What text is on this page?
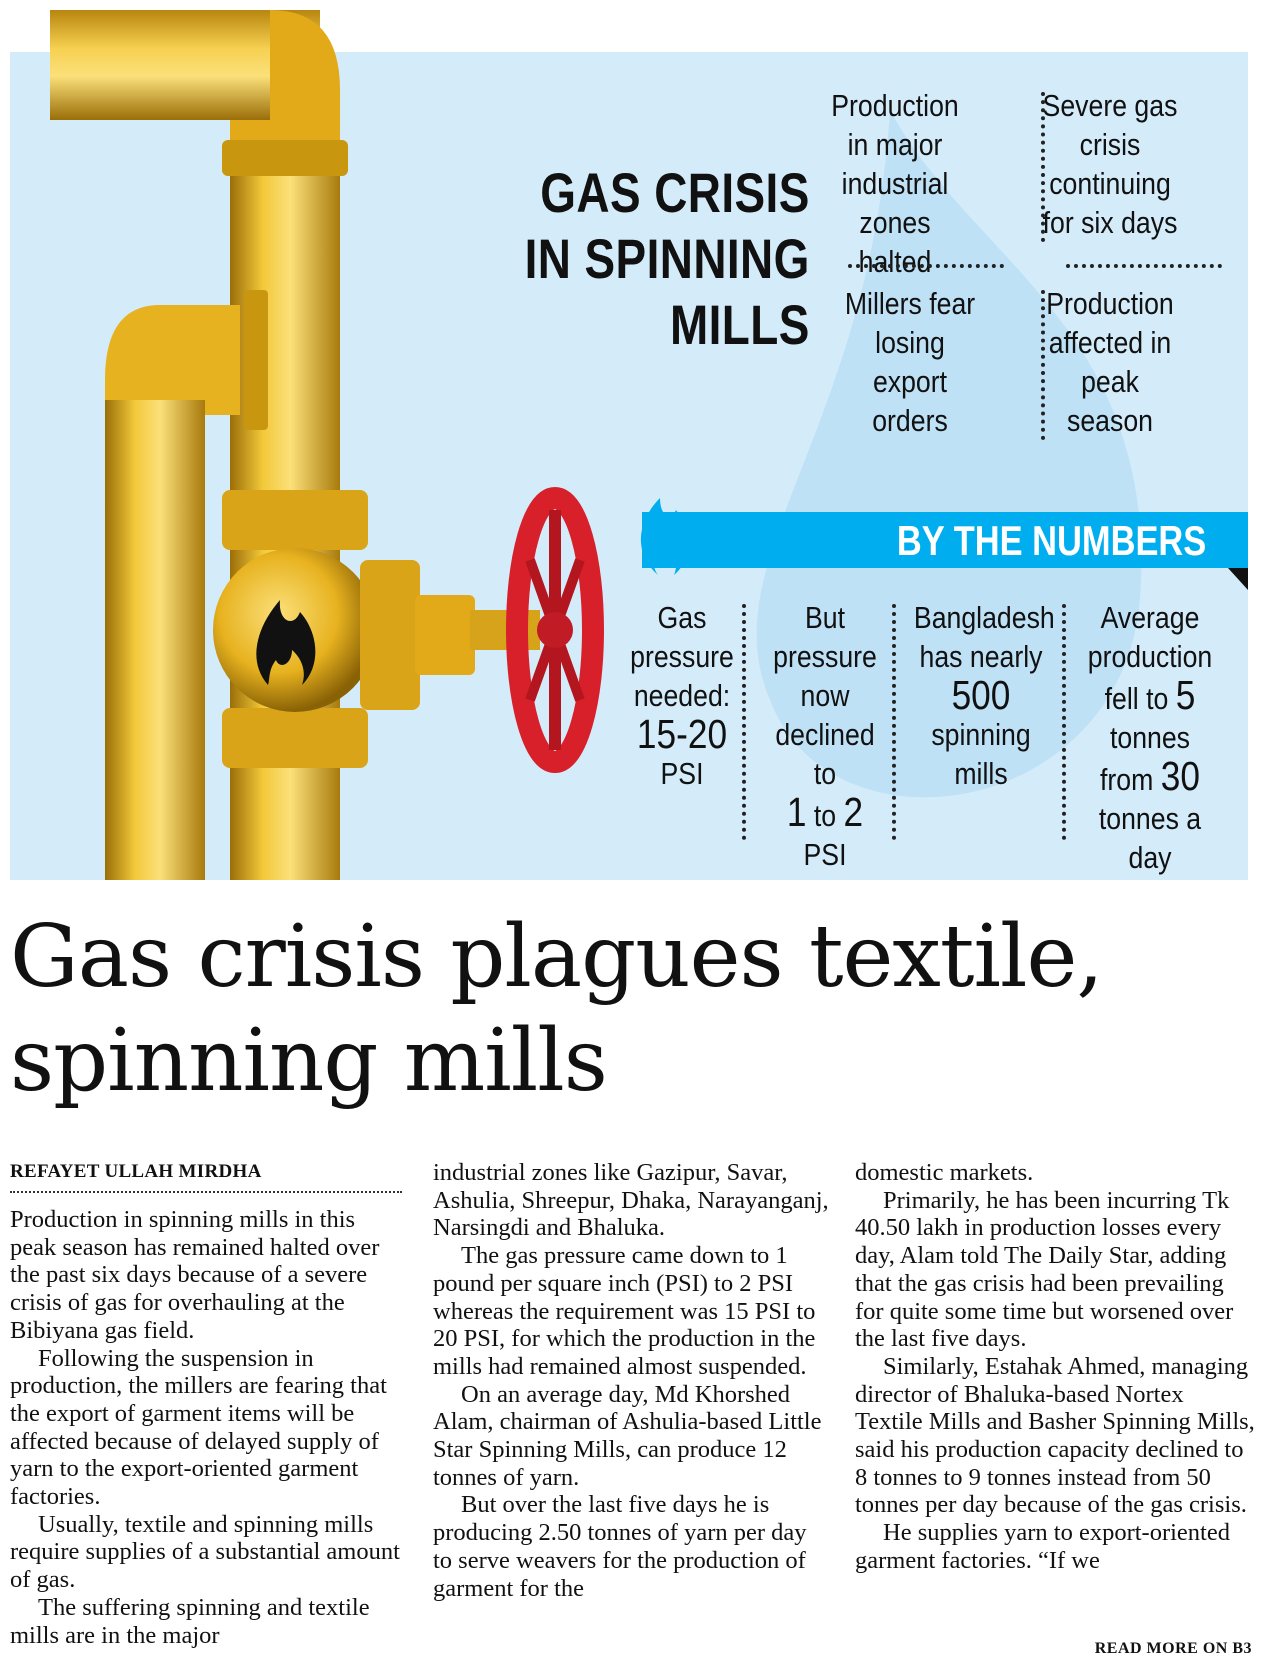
GAS CRISIS
IN SPINNING
MILLS
Production in major industrial zones halted
Severe gas crisis continuing for six days
Millers fear losing export orders
Production affected in peak season
BY THE NUMBERS
Gas pressure needed:
15-20
PSI
But pressure now declined to
1 to 2 PSI
Bangladesh has nearly
500
spinning mills
Average production fell to 5 tonnes from 30 tonnes a day
Gas crisis plagues textile, spinning mills
REFAYET ULLAH MIRDHA

Production in spinning mills in this peak season has remained halted over the past six days because of a severe crisis of gas for overhauling at the Bibiyana gas field.

Following the suspension in production, the millers are fearing that the export of garment items will be affected because of delayed supply of yarn to the export-oriented garment factories.

Usually, textile and spinning mills require supplies of a substantial amount of gas.

The suffering spinning and textile mills are in the major

industrial zones like Gazipur, Savar, Ashulia, Shreepur, Dhaka, Narayanganj, Narsingdi and Bhaluka.

The gas pressure came down to 1 pound per square inch (PSI) to 2 PSI whereas the requirement was 15 PSI to 20 PSI, for which the production in the mills had remained almost suspended.

On an average day, Md Khorshed Alam, chairman of Ashulia-based Little Star Spinning Mills, can produce 12 tonnes of yarn.

But over the last five days he is producing 2.50 tonnes of yarn per day to serve weavers for the production of garment for the

domestic markets.

Primarily, he has been incurring Tk 40.50 lakh in production losses every day, Alam told The Daily Star, adding that the gas crisis had been prevailing for quite some time but worsened over the last five days.

Similarly, Estahak Ahmed, managing director of Bhaluka-based Nortex Textile Mills and Basher Spinning Mills, said his production capacity declined to 8 tonnes to 9 tonnes instead from 50 tonnes per day because of the gas crisis.

He supplies yarn to export-oriented garment factories. “If we

READ MORE ON B3
